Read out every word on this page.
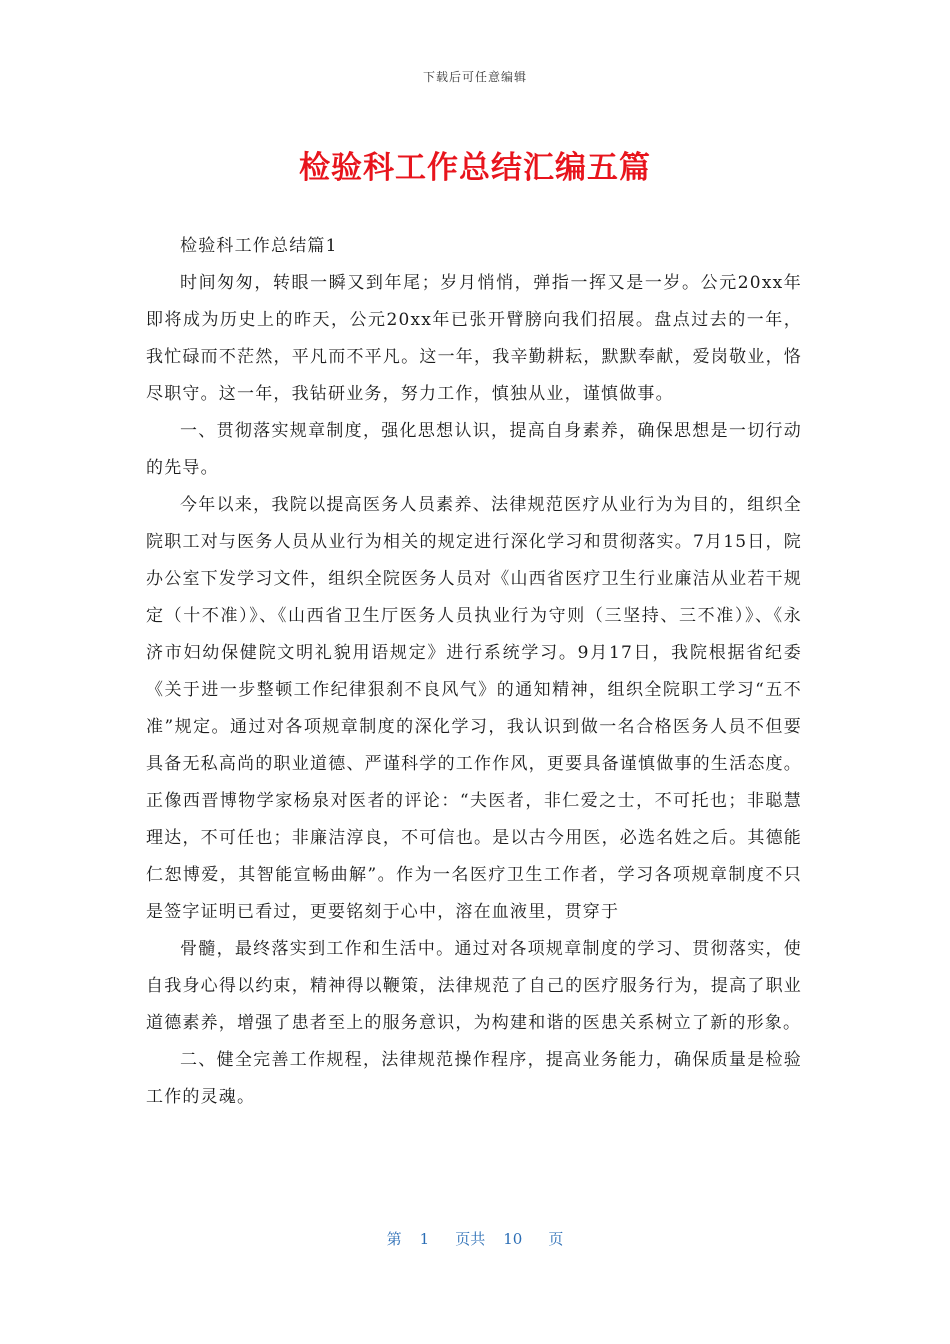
下载后可任意编辑
检验科工作总结汇编五篇

检验科工作总结篇1

时间匆匆，转眼一瞬又到年尾；岁月悄悄，弹指一挥又是一岁。公元20xx年即将成为历史上的昨天，公元20xx年已张开臂膀向我们招展。盘点过去的一年，我忙碌而不茫然，平凡而不平凡。这一年，我辛勤耕耘，默默奉献，爱岗敬业，恪尽职守。这一年，我钻研业务，努力工作，慎独从业，谨慎做事。

一、贯彻落实规章制度，强化思想认识，提高自身素养，确保思想是一切行动的先导。

今年以来，我院以提高医务人员素养、法律规范医疗从业行为为目的，组织全院职工对与医务人员从业行为相关的规定进行深化学习和贯彻落实。7月15日，院办公室下发学习文件，组织全院医务人员对《山西省医疗卫生行业廉洁从业若干规定（十不准）》、《山西省卫生厅医务人员执业行为守则（三坚持、三不准）》、《永济市妇幼保健院文明礼貌用语规定》进行系统学习。9月17日，我院根据省纪委《关于进一步整顿工作纪律狠刹不良风气》的通知精神，组织全院职工学习“五不准”规定。通过对各项规章制度的深化学习，我认识到做一名合格医务人员不但要具备无私高尚的职业道德、严谨科学的工作作风，更要具备谨慎做事的生活态度。正像西晋博物学家杨泉对医者的评论：“夫医者，非仁爱之士，不可托也；非聪慧理达，不可任也；非廉洁淳良，不可信也。是以古今用医，必选名姓之后。其德能仁恕博爱，其智能宣畅曲解”。作为一名医疗卫生工作者，学习各项规章制度不只是签字证明已看过，更要铭刻于心中，溶在血液里，贯穿于

骨髓，最终落实到工作和生活中。通过对各项规章制度的学习、贯彻落实，使自我身心得以约束，精神得以鞭策，法律规范了自己的医疗服务行为，提高了职业道德素养，增强了患者至上的服务意识，为构建和谐的医患关系树立了新的形象。

二、健全完善工作规程，法律规范操作程序，提高业务能力，确保质量是检验工作的灵魂。

第 1 页共 10 页
